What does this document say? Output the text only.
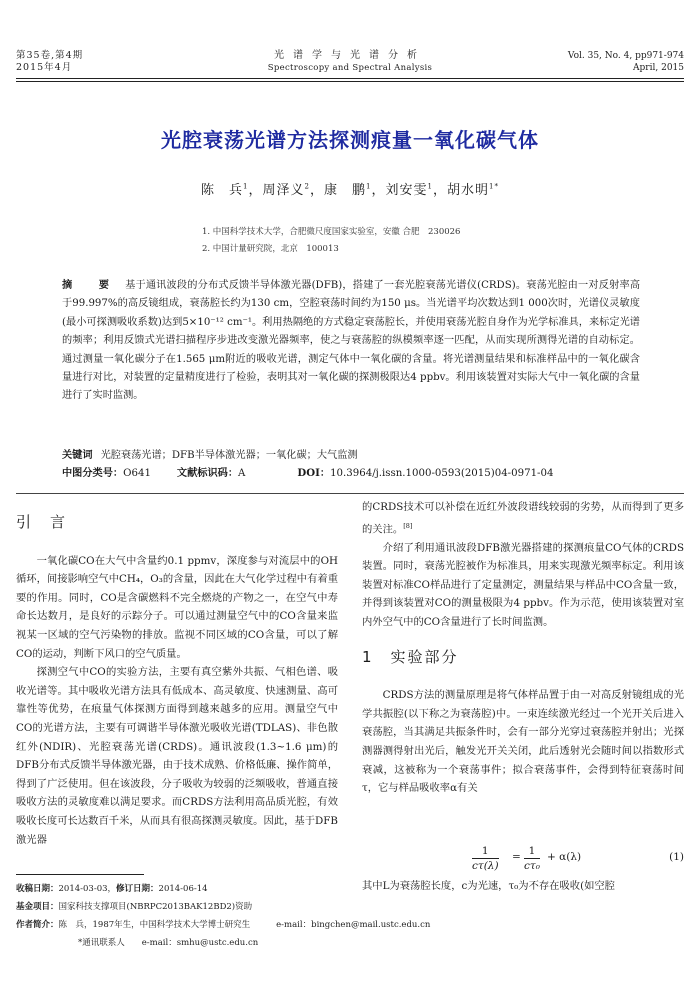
第35卷,第4期
2015年4月
光谱学与光谱分析
Spectroscopy and Spectral Analysis
Vol. 35, No. 4, pp971-974
April, 2015
光腔衰荡光谱方法探测痕量一氧化碳气体
陈　兵$^1$，周泽义$^2$，康　鹏$^1$，刘安雯$^1$，胡水明$^{1*}$
1. 中国科学技术大学，合肥微尺度国家实验室，安徽 合肥　230026
2. 中国计量研究院，北京　100013
摘　要 基于通讯波段的分布式反馈半导体激光器(DFB)，搭建了一套光腔衰荡光谱仪(CRDS)。衰荡光腔由一对反射率高于99.997%的高反镜组成，衰荡腔长约为130 cm，空腔衰荡时间约为150 μs。当光谱平均次数达到1 000次时，光谱仪灵敏度(最小可探测吸收系数)达到5×10⁻¹² cm⁻¹。利用热隔绝的方式稳定衰荡腔长，并使用衰荡光腔自身作为光学标准具，来标定光谱的频率；利用反馈式光谱扫描程序步进改变激光器频率，使之与衰荡腔的纵模频率逐一匹配，从而实现所测得光谱的自动标定。通过测量一氧化碳分子在1.565 μm附近的吸收光谱，测定气体中一氧化碳的含量。将光谱测量结果和标准样品中的一氧化碳含量进行对比，对装置的定量精度进行了检验，表明其对一氧化碳的探测极限达4 ppbv。利用该装置对实际大气中一氧化碳的含量进行了实时监测。
关键词 光腔衰荡光谱；DFB半导体激光器；一氧化碳；大气监测
中图分类号：O641	文献标识码：A	DOI：10.3964/j.issn.1000-0593(2015)04-0971-04
引　言

一氧化碳CO在大气中含量约0.1 ppmv，深度参与对流层中的OH循环，间接影响空气中CH₄，O₃的含量，因此在大气化学过程中有着重要的作用。同时，CO是含碳燃料不完全燃烧的产物之一，在空气中寿命长达数月，是良好的示踪分子。可以通过测量空气中的CO含量来监视某一区域的空气污染物的排放。监视不同区域的CO含量，可以了解CO的运动，判断下风口的空气质量。

探测空气中CO的实验方法，主要有真空紫外共振、气相色谱、吸收光谱等。其中吸收光谱方法具有低成本、高灵敏度、快速测量、高可靠性等优势，在痕量气体探测方面得到越来越多的应用。测量空气中CO的光谱方法，主要有可调谐半导体激光吸收光谱(TDLAS)、非色散红外(NDIR)、光腔衰荡光谱(CRDS)。通讯波段(1.3~1.6 μm)的DFB分布式反馈半导体激光器，由于技术成熟、价格低廉、操作简单，得到了广泛使用。但在该波段，分子吸收为较弱的泛频吸收，普通直接吸收方法的灵敏度难以满足要求。而CRDS方法利用高品质光腔，有效吸收长度可长达数百千米，从而具有很高探测灵敏度。因此，基于DFB激光器

的CRDS技术可以补偿在近红外波段谱线较弱的劣势，从而得到了更多的关注。[8]

介绍了利用通讯波段DFB激光器搭建的探测痕量CO气体的CRDS装置。同时，衰荡光腔被作为标准具，用来实现激光频率标定。利用该装置对标准CO样品进行了定量测定，测量结果与样品中CO含量一致，并得到该装置对CO的测量极限为4 ppbv。作为示范，使用该装置对室内外空气中的CO含量进行了长时间监测。

1　实验部分

CRDS方法的测量原理是将气体样品置于由一对高反射镜组成的光学共振腔(以下称之为衰荡腔)中。一束连续激光经过一个光开关后进入衰荡腔，当其满足共振条件时，会有一部分光穿过衰荡腔并射出；光探测器测得射出光后，触发光开关关闭，此后透射光会随时间以指数形式衰减，这被称为一个衰荡事件；拟合衰荡事件，会得到特征衰荡时间τ，它与样品吸收率α有关

$\frac{1}{c\tau(\lambda)} = \frac{1}{\text{cτ₀}} + \alpha(\lambda)$	(1)

其中L为衰荡腔长度，c为光速，τ₀为不存在吸收(如空腔

收稿日期：2014-03-03，修订日期：2014-06-14
基金项目：国家科技支撑项目(NBRPC2013BAK12BD2)资助
作者简介：陈　兵，1987年生，中国科学技术大学博士研究生	e-mail：bingchen@mail.ustc.edu.cn
*通讯联系人　　e-mail：smhu@ustc.edu.cn
